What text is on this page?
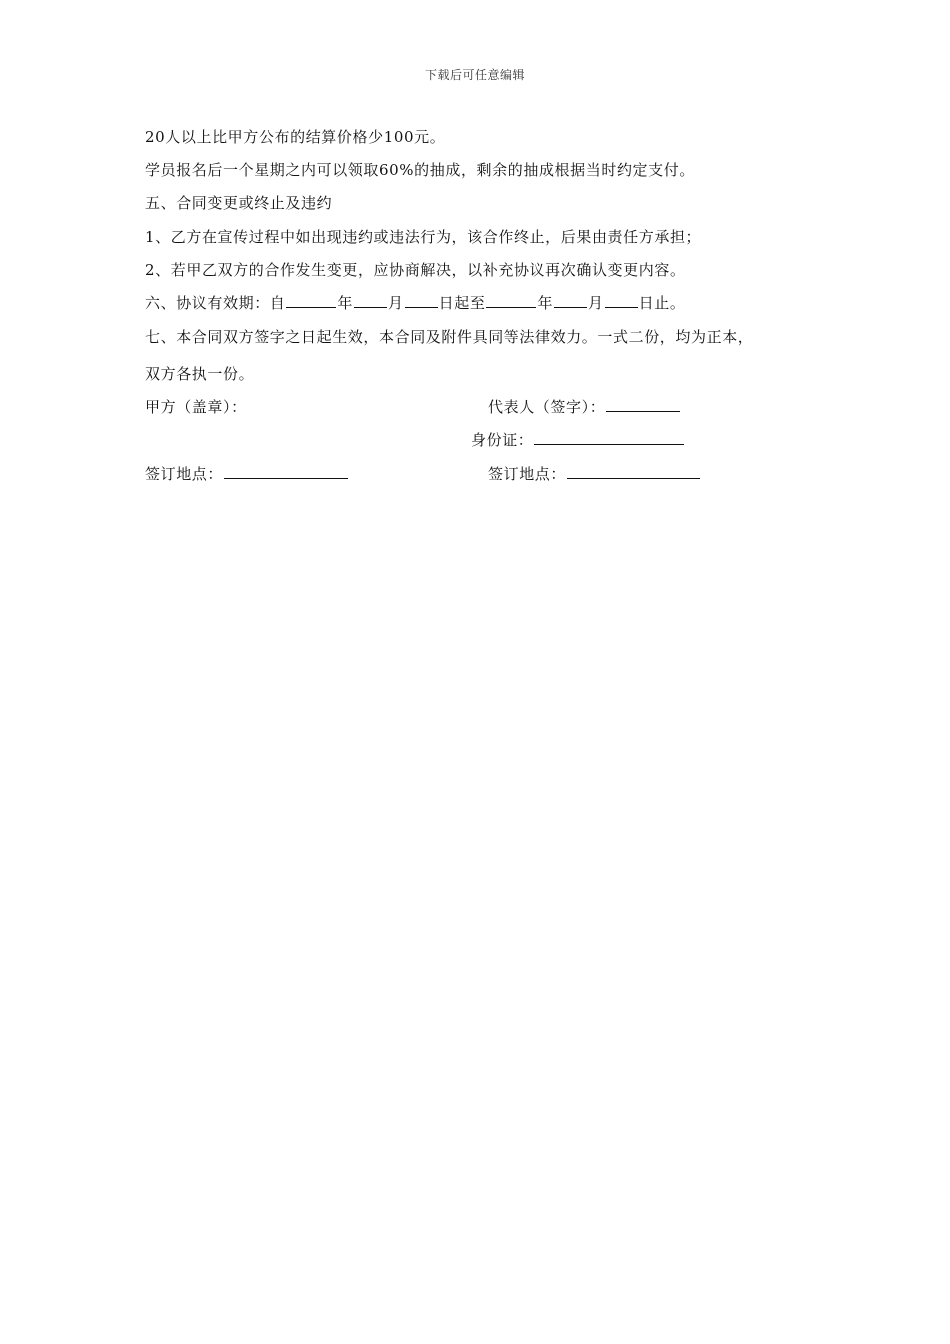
下载后可任意编辑
20人以上比甲方公布的结算价格少100元。
学员报名后一个星期之内可以领取60%的抽成，剩余的抽成根据当时约定支付。
五、合同变更或终止及违约
1、乙方在宣传过程中如出现违约或违法行为，该合作终止，后果由责任方承担；
2、若甲乙双方的合作发生变更，应协商解决，以补充协议再次确认变更内容。
六、协议有效期：自	年 月 日起至	年 月 日止。
七、本合同双方签字之日起生效，本合同及附件具同等法律效力。一式二份，均为正本，
双方各执一份。
甲方（盖章）：	代表人（签字）：
身份证：
签订地点：	签订地点：
